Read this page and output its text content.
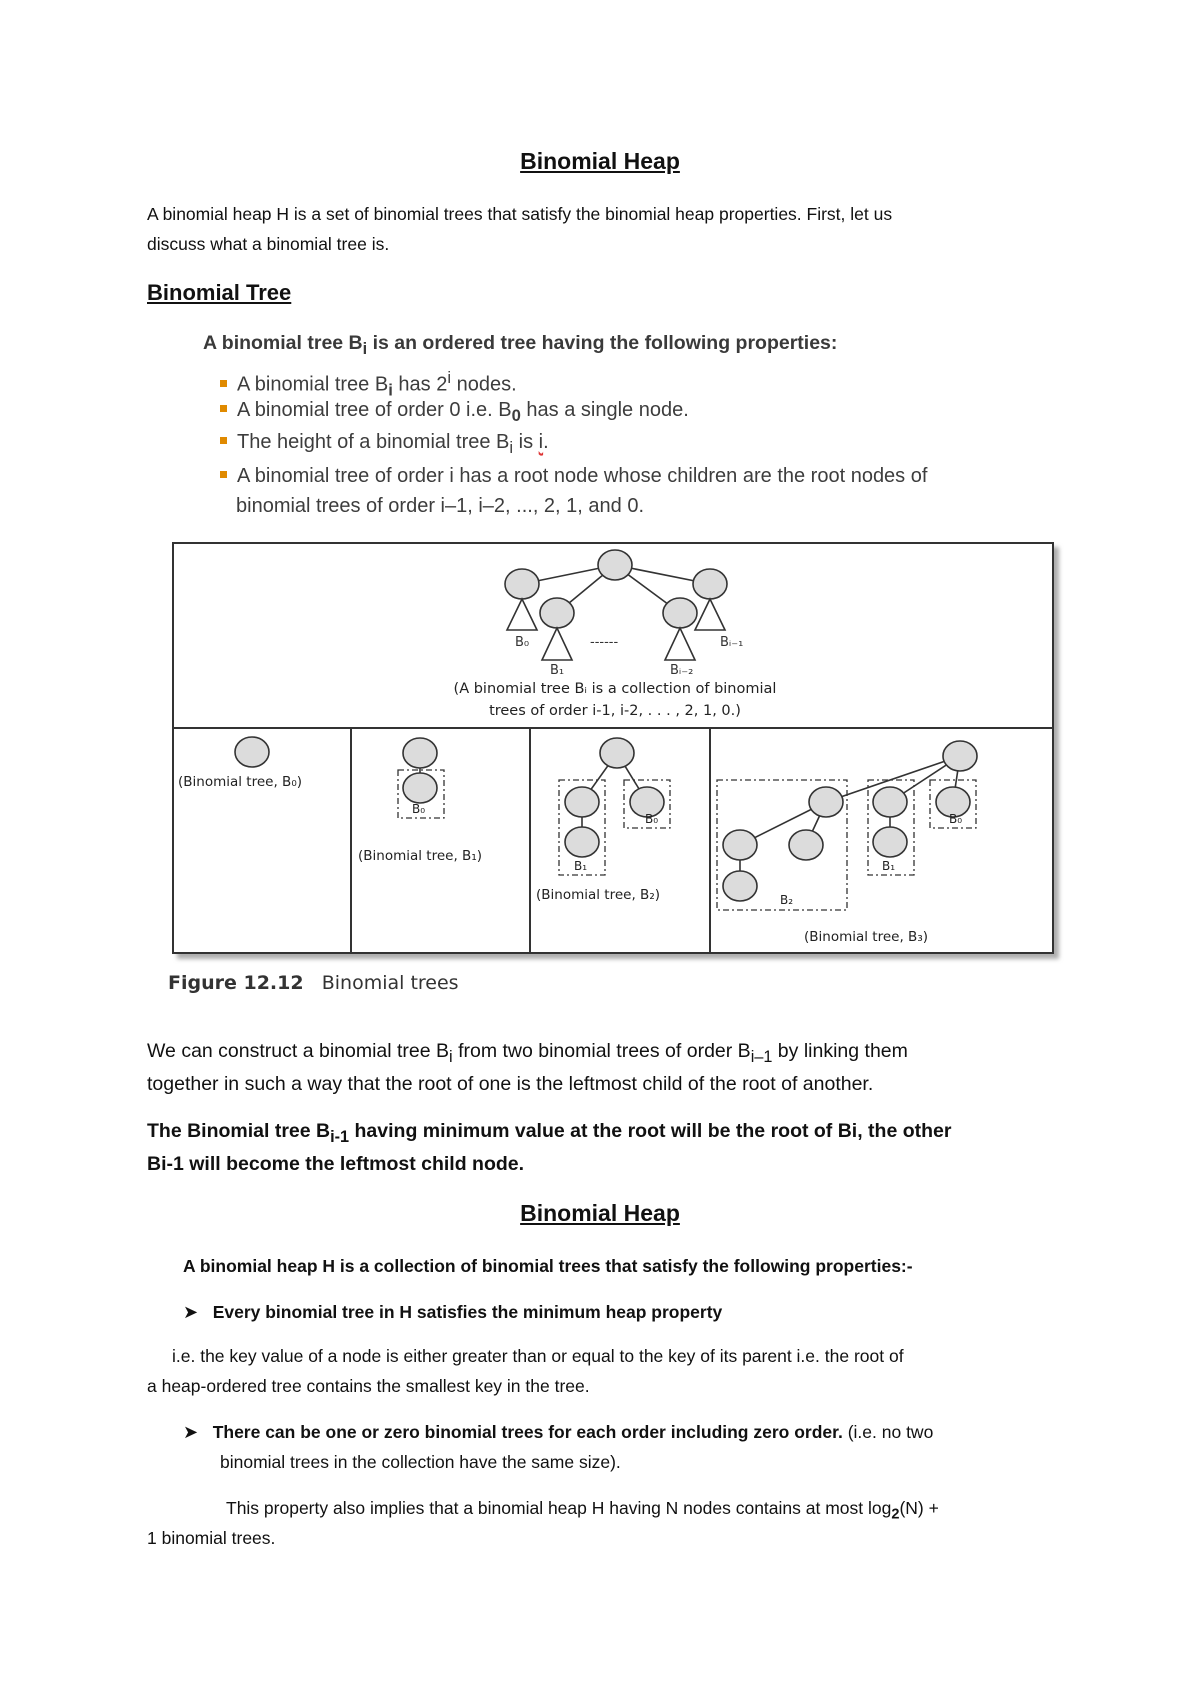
Binomial Heap
A binomial heap H is a set of binomial trees that satisfy the binomial heap properties. First, let us
discuss what a binomial tree is.
Binomial Tree
A binomial tree $B_i$ is an ordered tree having the following properties:
A binomial tree $B_i$ has 2$^i$ nodes.
A binomial tree of order 0 i.e. $B_0$ has a single node.
The height of a binomial tree $B_i$ is i.
A binomial tree of order i has a root node whose children are the root nodes of
binomial trees of order i–1, i–2, ..., 2, 1, and 0.
B₀	------	Bᵢ₋₁
B₁	Bᵢ₋₂
(A binomial tree Bᵢ is a collection of binomial
trees of order i-1, i-2, . . . , 2, 1, 0.)
(Binomial tree, B₀)
B₀
(Binomial tree, B₁)
B₁
B₀
(Binomial tree, B₂)	B₂
B₁
B₀
(Binomial tree, B₃)
Figure 12.12 Binomial trees
We can construct a binomial tree $B_i$ from two binomial trees of order $B_{i-1}$ by linking them
together in such a way that the root of one is the leftmost child of the root of another.
The Binomial tree $B_{i-1}$ having minimum value at the root will be the root of Bi, the other
Bi-1 will become the leftmost child node.
Binomial Heap
A binomial heap H is a collection of binomial trees that satisfy the following properties:-
➤ Every binomial tree in H satisfies the minimum heap property
i.e. the key value of a node is either greater than or equal to the key of its parent i.e. the root of
a heap-ordered tree contains the smallest key in the tree.
➤ There can be one or zero binomial trees for each order including zero order. (i.e. no two
binomial trees in the collection have the same size).
This property also implies that a binomial heap H having N nodes contains at most $\log_2(N)$ +
1 binomial trees.
